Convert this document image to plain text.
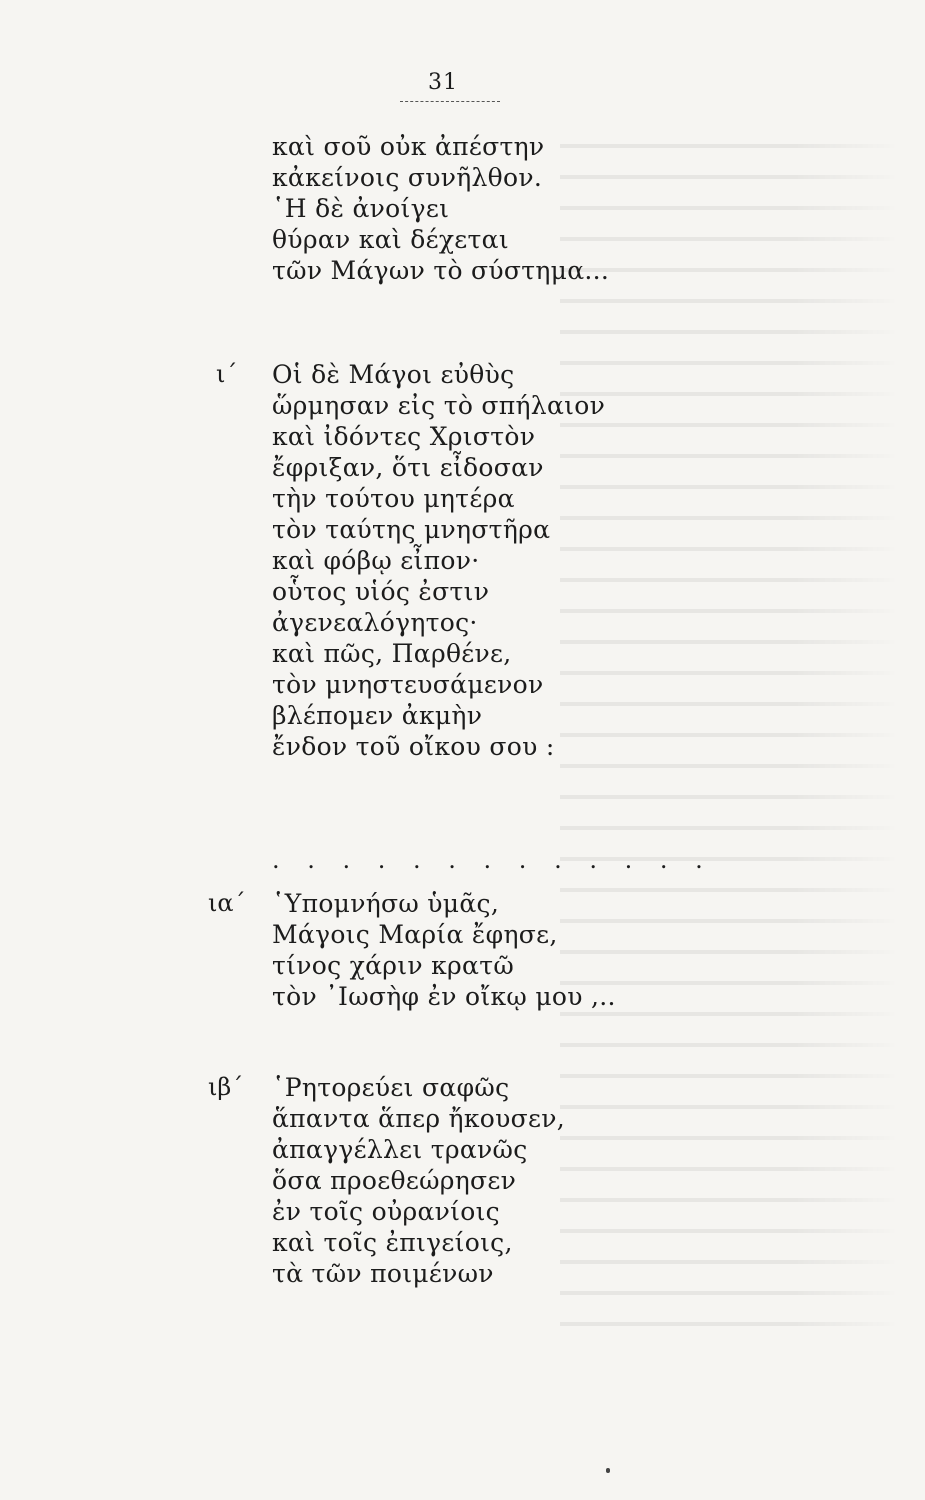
31
καὶ σοῦ οὐκ ἀπέστην
κἀκείνοις συνῆλθον.
῾Η δὲ ἀνοίγει
θύραν καὶ δέχεται
τῶν Μάγων τὸ σύστημα...
ι´ Οἱ δὲ Μάγοι εὐθὺς
ὥρμησαν εἰς τὸ σπήλαιον
καὶ ἰδόντες Χριστὸν
ἔφριξαν, ὅτι εἶδοσαν
τὴν τούτου μητέρα
τὸν ταύτης μνηστῆρα
καὶ φόβῳ εἶπον·
οὗτος υἱός ἐστιν
ἀγενεαλόγητος·
καὶ πῶς, Παρθένε,
τὸν μνηστευσάμενον
βλέπομεν ἀκμὴν
ἔνδον τοῦ οἴκου σου :
. . . . . . . . . . . . .
ια´ ῾Υπομνήσω ὑμᾶς,
Μάγοις Μαρία ἔφησε,
τίνος χάριν κρατῶ
τὸν ᾿Ιωσὴφ ἐν οἴκῳ μου ,..
ιβ´ ῾Ρητορεύει σαφῶς
ἅπαντα ἅπερ ἤκουσεν,
ἀπαγγέλλει τρανῶς
ὅσα προεθεώρησεν
ἐν τοῖς οὐρανίοις
καὶ τοῖς ἐπιγείοις,
τὰ τῶν ποιμένων
